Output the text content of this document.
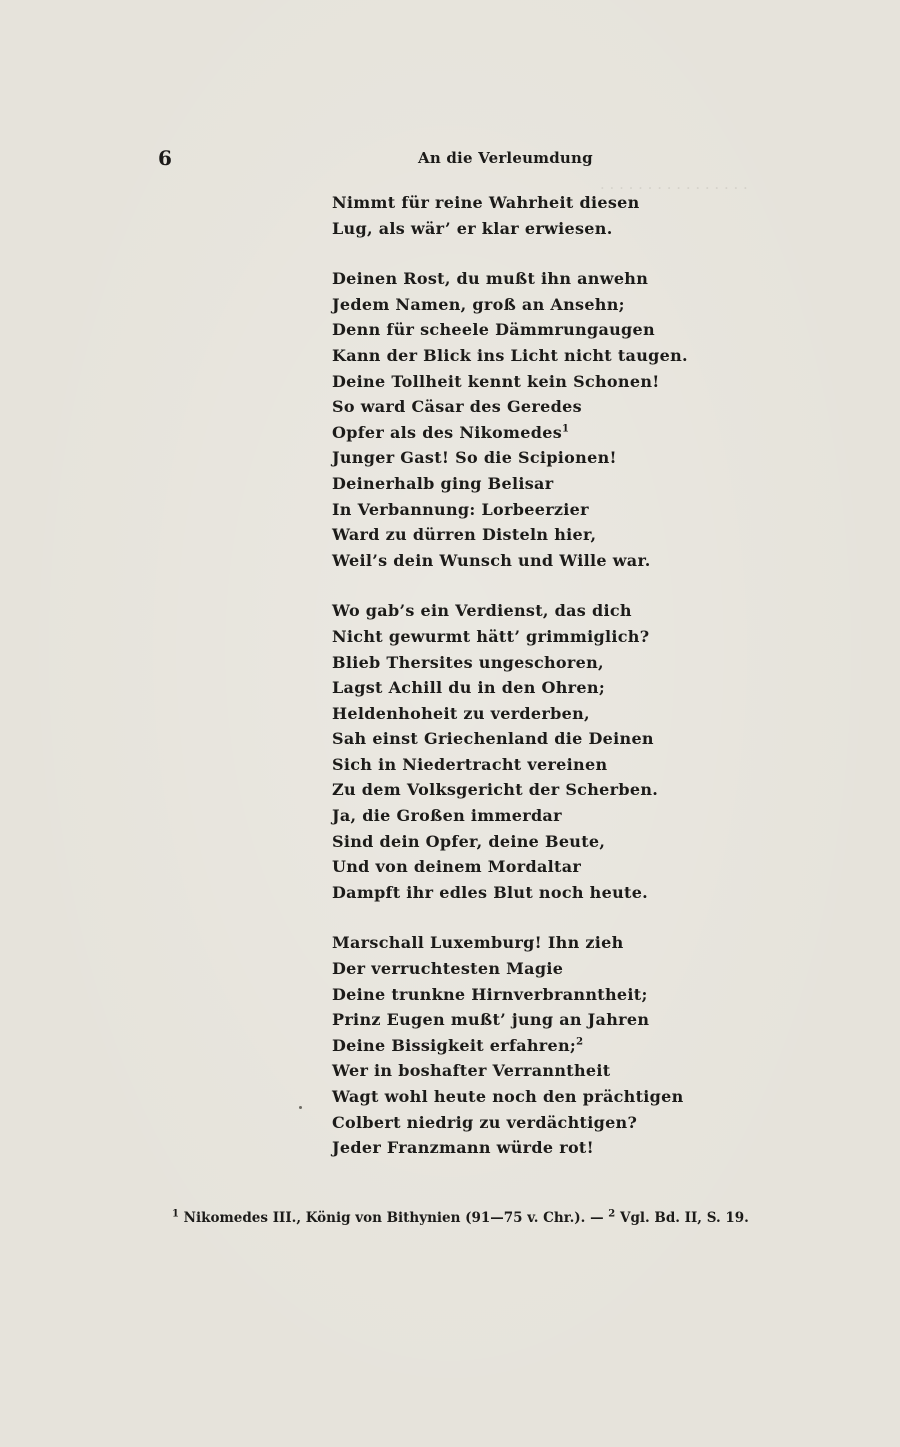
· · · · · · · · · · · · · · · ·
6	An die Verleumdung
Nimmt für reine Wahrheit diesen
Lug, als wär’ er klar erwiesen.
Deinen Rost, du mußt ihn anwehn
Jedem Namen, groß an Ansehn;
Denn für scheele Dämmrungaugen
Kann der Blick ins Licht nicht taugen.
Deine Tollheit kennt kein Schonen!
So ward Cäsar des Geredes
Opfer als des Nikomedes$^1$
Junger Gast! So die Scipionen!
Deinerhalb ging Belisar
In Verbannung: Lorbeerzier
Ward zu dürren Disteln hier,
Weil’s dein Wunsch und Wille war.
Wo gab’s ein Verdienst, das dich
Nicht gewurmt hätt’ grimmiglich?
Blieb Thersites ungeschoren,
Lagst Achill du in den Ohren;
Heldenhoheit zu verderben,
Sah einst Griechenland die Deinen
Sich in Niedertracht vereinen
Zu dem Volksgericht der Scherben.
Ja, die Großen immerdar
Sind dein Opfer, deine Beute,
Und von deinem Mordaltar
Dampft ihr edles Blut noch heute.
Marschall Luxemburg! Ihn zieh
Der verruchtesten Magie
Deine trunkne Hirnverbranntheit;
Prinz Eugen mußt’ jung an Jahren
Deine Bissigkeit erfahren;$^2$
Wer in boshafter Verranntheit
Wagt wohl heute noch den prächtigen
Colbert niedrig zu verdächtigen?
Jeder Franzmann würde rot!
$^1$ Nikomedes III., König von Bithynien (91—75 v. Chr.). — $^2$ Vgl. Bd. II, S. 19.
